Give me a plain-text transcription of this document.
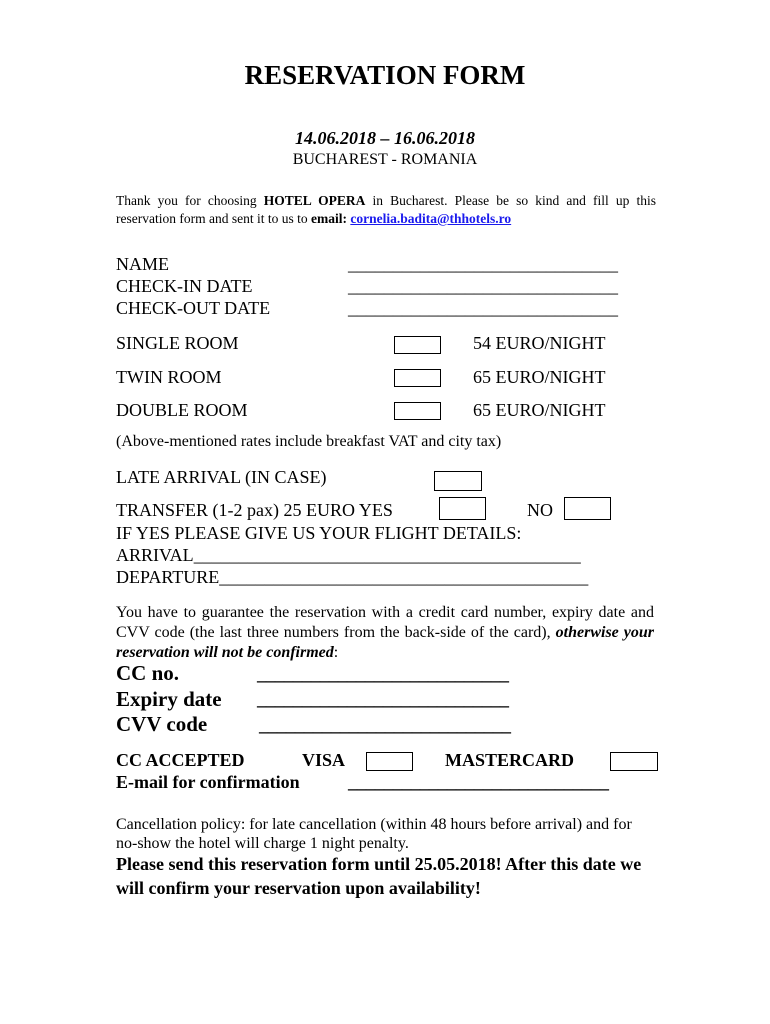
RESERVATION FORM
14.06.2018 – 16.06.2018
BUCHAREST - ROMANIA
Thank you for choosing HOTEL OPERA in Bucharest. Please be so kind and fill up this reservation form and sent it to us to email: cornelia.badita@thhotels.ro
NAME	______________________________
CHECK-IN DATE	______________________________
CHECK-OUT DATE	______________________________
SINGLE ROOM	54 EURO/NIGHT
TWIN ROOM	65 EURO/NIGHT
DOUBLE ROOM	65 EURO/NIGHT
(Above-mentioned rates include breakfast VAT and city tax)
LATE ARRIVAL (IN CASE)
TRANSFER (1-2 pax) 25 EURO YES	NO
IF YES PLEASE GIVE US YOUR FLIGHT DETAILS:
ARRIVAL___________________________________________
DEPARTURE_________________________________________
You have to guarantee the reservation with a credit card number, expiry date and CVV code (the last three numbers from the back-side of the card), otherwise your reservation will not be confirmed:
CC no.	____________________________
Expiry date ____________________________
CVV code	____________________________
CC ACCEPTED	VISA	MASTERCARD
E-mail for confirmation	_____________________________
Cancellation policy: for late cancellation (within 48 hours before arrival) and for no-show the hotel will charge 1 night penalty.
Please send this reservation form until 25.05.2018! After this date we will confirm your reservation upon availability!
